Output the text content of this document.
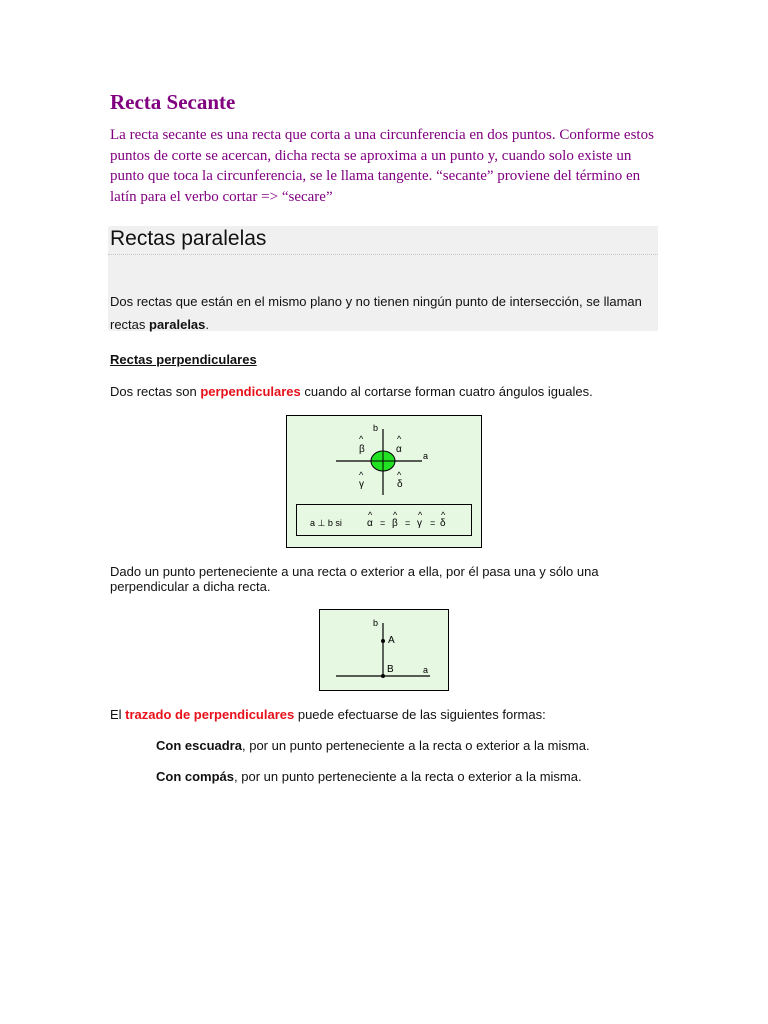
Recta Secante

La recta secante es una recta que corta a una circunferencia en dos puntos. Conforme estos puntos de corte se acercan, dicha recta se aproxima a un punto y, cuando solo existe un punto que toca la circunferencia, se le llama tangente. “secante” proviene del término en latín para el verbo cortar => “secare”

Rectas paralelas

Dos rectas que están en el mismo plano y no tienen ningún punto de intersección, se llaman rectas paralelas.

Rectas perpendiculares

Dos rectas son perpendiculares cuando al cortarse forman cuatro ángulos iguales.

b
a
^
β
^
α
^
γ
^
δ
a ⊥ b si
^
α =
^
β =
^
γ =
^
δ

Dado un punto perteneciente a una recta o exterior a ella, por él pasa una y sólo una perpendicular a dicha recta.

b
A
B	a

El trazado de perpendiculares puede efectuarse de las siguientes formas:

Con escuadra, por un punto perteneciente a la recta o exterior a la misma.

Con compás, por un punto perteneciente a la recta o exterior a la misma.
